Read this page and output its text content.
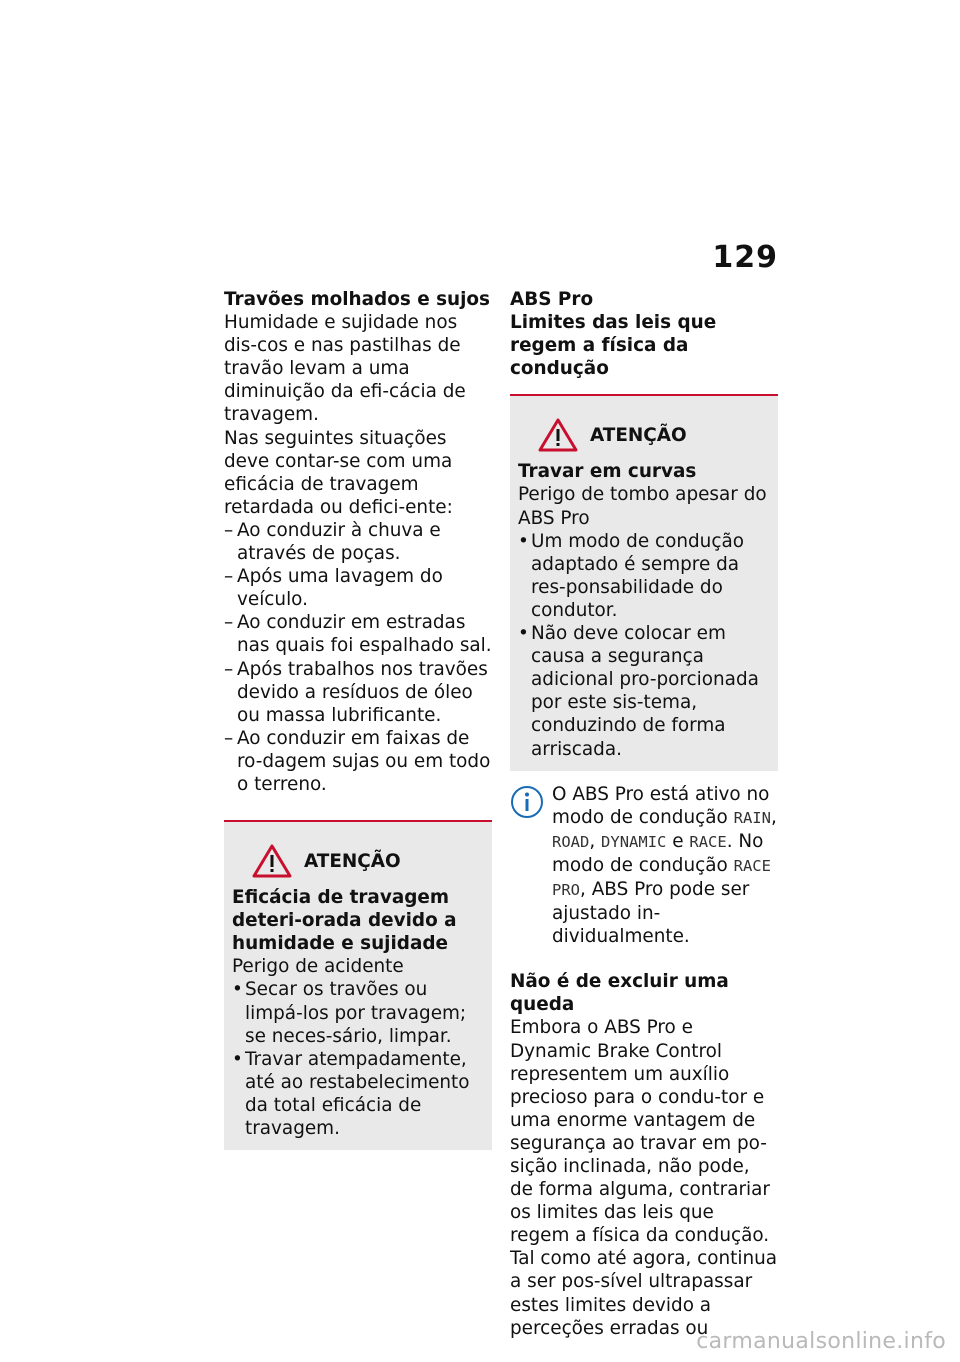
129

Travões molhados e sujos

Humidade e sujidade nos dis-cos e nas pastilhas de travão levam a uma diminuição da efi-cácia de travagem.

Nas seguintes situações deve contar-se com uma eficácia de travagem retardada ou defici-ente:

– Ao conduzir à chuva e através de poças.
– Após uma lavagem do veículo.
– Ao conduzir em estradas nas quais foi espalhado sal.
– Após trabalhos nos travões devido a resíduos de óleo ou massa lubrificante.
– Ao conduzir em faixas de ro-dagem sujas ou em todo o terreno.
ATENÇÃO

Eficácia de travagem deteri-orada devido a humidade e sujidade

Perigo de acidente

• Secar os travões ou limpá-los por travagem; se neces-sário, limpar.
• Travar atempadamente, até ao restabelecimento da total eficácia de travagem.

ABS Pro

Limites das leis que regem a física da condução

ATENÇÃO

Travar em curvas

Perigo de tombo apesar do ABS Pro

• Um modo de condução adaptado é sempre da res-ponsabilidade do condutor.
• Não deve colocar em causa a segurança adicional pro-porcionada por este sis-tema, conduzindo de forma arriscada.

O ABS Pro está ativo no modo de condução RAIN, ROAD, DYNAMIC e RACE. No modo de condução RACE PRO, ABS Pro pode ser ajustado in-dividualmente.

Não é de excluir uma queda

Embora o ABS Pro e Dynamic Brake Control representem um auxílio precioso para o condu-tor e uma enorme vantagem de segurança ao travar em po-sição inclinada, não pode, de forma alguma, contrariar os limites das leis que regem a física da condução. Tal como até agora, continua a ser pos-sível ultrapassar estes limites devido a perceções erradas ou

carmanualsonline.info
